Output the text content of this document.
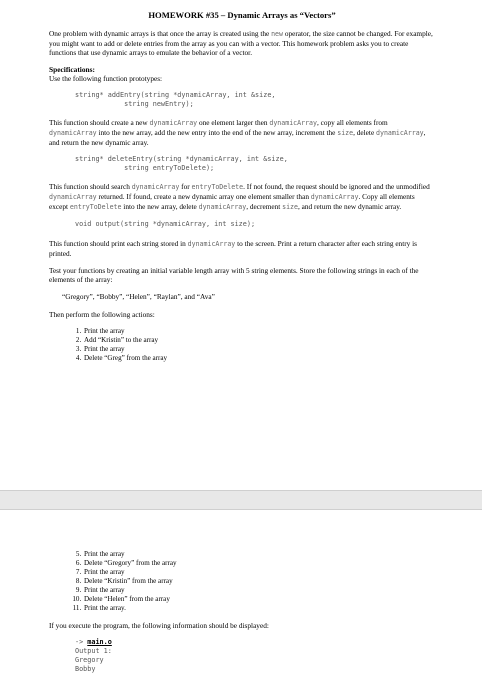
HOMEWORK #35 – Dynamic Arrays as “Vectors”

One problem with dynamic arrays is that once the array is created using the new operator, the size cannot be changed. For example, you might want to add or delete entries from the array as you can with a vector. This homework problem asks you to create functions that use dynamic arrays to emulate the behavior of a vector.

Specifications:

Use the following function prototypes:

string* addEntry(string *dynamicArray, int &size,
string newEntry);

This function should create a new dynamicArray one element larger then dynamicArray, copy all elements from dynamicArray into the new array, add the new entry into the end of the new array, increment the size, delete dynamicArray, and return the new dynamic array.

string* deleteEntry(string *dynamicArray, int &size,
string entryToDelete);

This function should search dynamicArray for entryToDelete. If not found, the request should be ignored and the unmodified dynamicArray returned. If found, create a new dynamic array one element smaller than dynamicArray. Copy all elements except entryToDelete into the new array, delete dynamicArray, decrement size, and return the new dynamic array.

void output(string *dynamicArray, int size);

This function should print each string stored in dynamicArray to the screen. Print a return character after each string entry is printed.

Test your functions by creating an initial variable length array with 5 string elements. Store the following strings in each of the elements of the array:

“Gregory”, “Bobby”, “Helen”, “Raylan”, and “Ava”

Then perform the following actions:

1. Print the array
2. Add “Kristin” to the array
3. Print the array
4. Delete “Greg” from the array
5. Print the array
6. Delete “Gregory” from the array
7. Print the array
8. Delete “Kristin” from the array
9. Print the array
10. Delete “Helen” from the array
11. Print the array.

If you execute the program, the following information should be displayed:

-> main.o
Output 1:
Gregory
Bobby
